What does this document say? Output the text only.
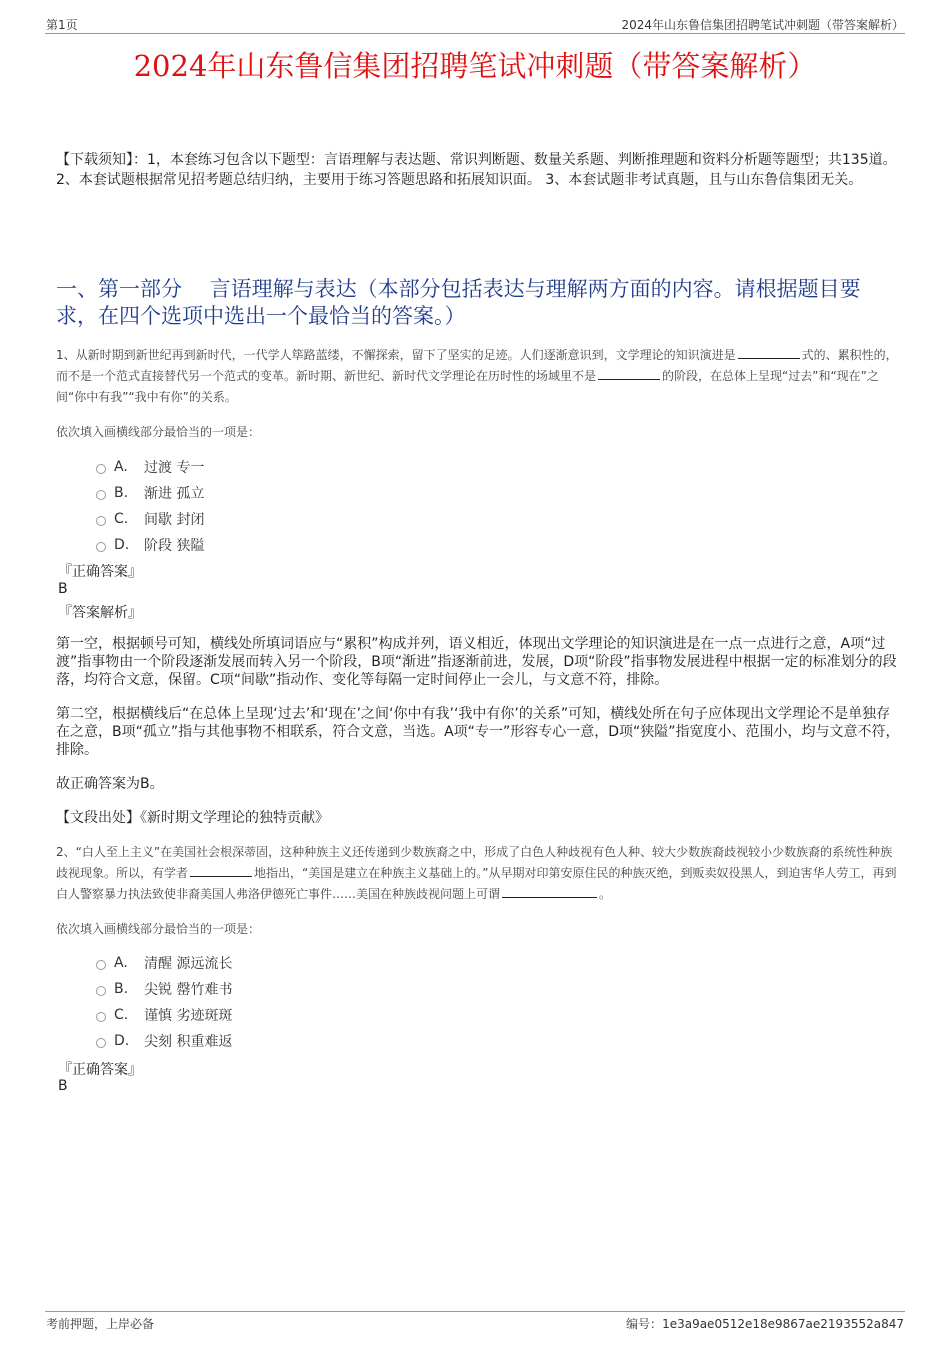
第1页	2024年山东鲁信集团招聘笔试冲刺题（带答案解析）
2024年山东鲁信集团招聘笔试冲刺题（带答案解析）
【下载须知】：1，本套练习包含以下题型：言语理解与表达题、常识判断题、数量关系题、判断推理题和资料分析题等题型；共135道。 2、本套试题根据常见招考题总结归纳，主要用于练习答题思路和拓展知识面。 3、本套试题非考试真题，且与山东鲁信集团无关。
一、第一部分　 言语理解与表达（本部分包括表达与理解两方面的内容。请根据题目要求，在四个选项中选出一个最恰当的答案。）
1、从新时期到新世纪再到新时代，一代学人筚路蓝缕，不懈探索，留下了坚实的足迹。人们逐渐意识到，文学理论的知识演进是	式的、累积性的，而不是一个范式直接替代另一个范式的变革。新时期、新世纪、新时代文学理论在历时性的场域里不是	的阶段，在总体上呈现“过去”和“现在”之间“你中有我”“我中有你”的关系。
依次填入画横线部分最恰当的一项是：
A.	过渡 专一
B.	渐进 孤立
C.	间歇 封闭
D.	阶段 狭隘
『正确答案』
B
『答案解析』
第一空，根据顿号可知，横线处所填词语应与“累积”构成并列，语义相近，体现出文学理论的知识演进是在一点一点进行之意，A项“过渡”指事物由一个阶段逐渐发展而转入另一个阶段，B项“渐进”指逐渐前进，发展，D项“阶段”指事物发展进程中根据一定的标准划分的段落，均符合文意，保留。C项“间歇”指动作、变化等每隔一定时间停止一会儿，与文意不符，排除。
第二空，根据横线后“在总体上呈现‘过去’和‘现在’之间‘你中有我’‘我中有你’的关系”可知，横线处所在句子应体现出文学理论不是单独存在之意，B项“孤立”指与其他事物不相联系，符合文意，当选。A项“专一”形容专心一意，D项“狭隘”指宽度小、范围小，均与文意不符，排除。
故正确答案为B。
【文段出处】《新时期文学理论的独特贡献》
2、“白人至上主义”在美国社会根深蒂固，这种种族主义还传递到少数族裔之中，形成了白色人种歧视有色人种、较大少数族裔歧视较小少数族裔的系统性种族歧视现象。所以，有学者	地指出，“美国是建立在种族主义基础上的。”从早期对印第安原住民的种族灭绝，到贩卖奴役黑人，到迫害华人劳工，再到白人警察暴力执法致使非裔美国人弗洛伊德死亡事件……美国在种族歧视问题上可谓	。
依次填入画横线部分最恰当的一项是：
A.	清醒 源远流长
B.	尖锐 罄竹难书
C.	谨慎 劣迹斑斑
D.	尖刻 积重难返
『正确答案』
B
考前押题，上岸必备	编号：1e3a9ae0512e18e9867ae2193552a847
